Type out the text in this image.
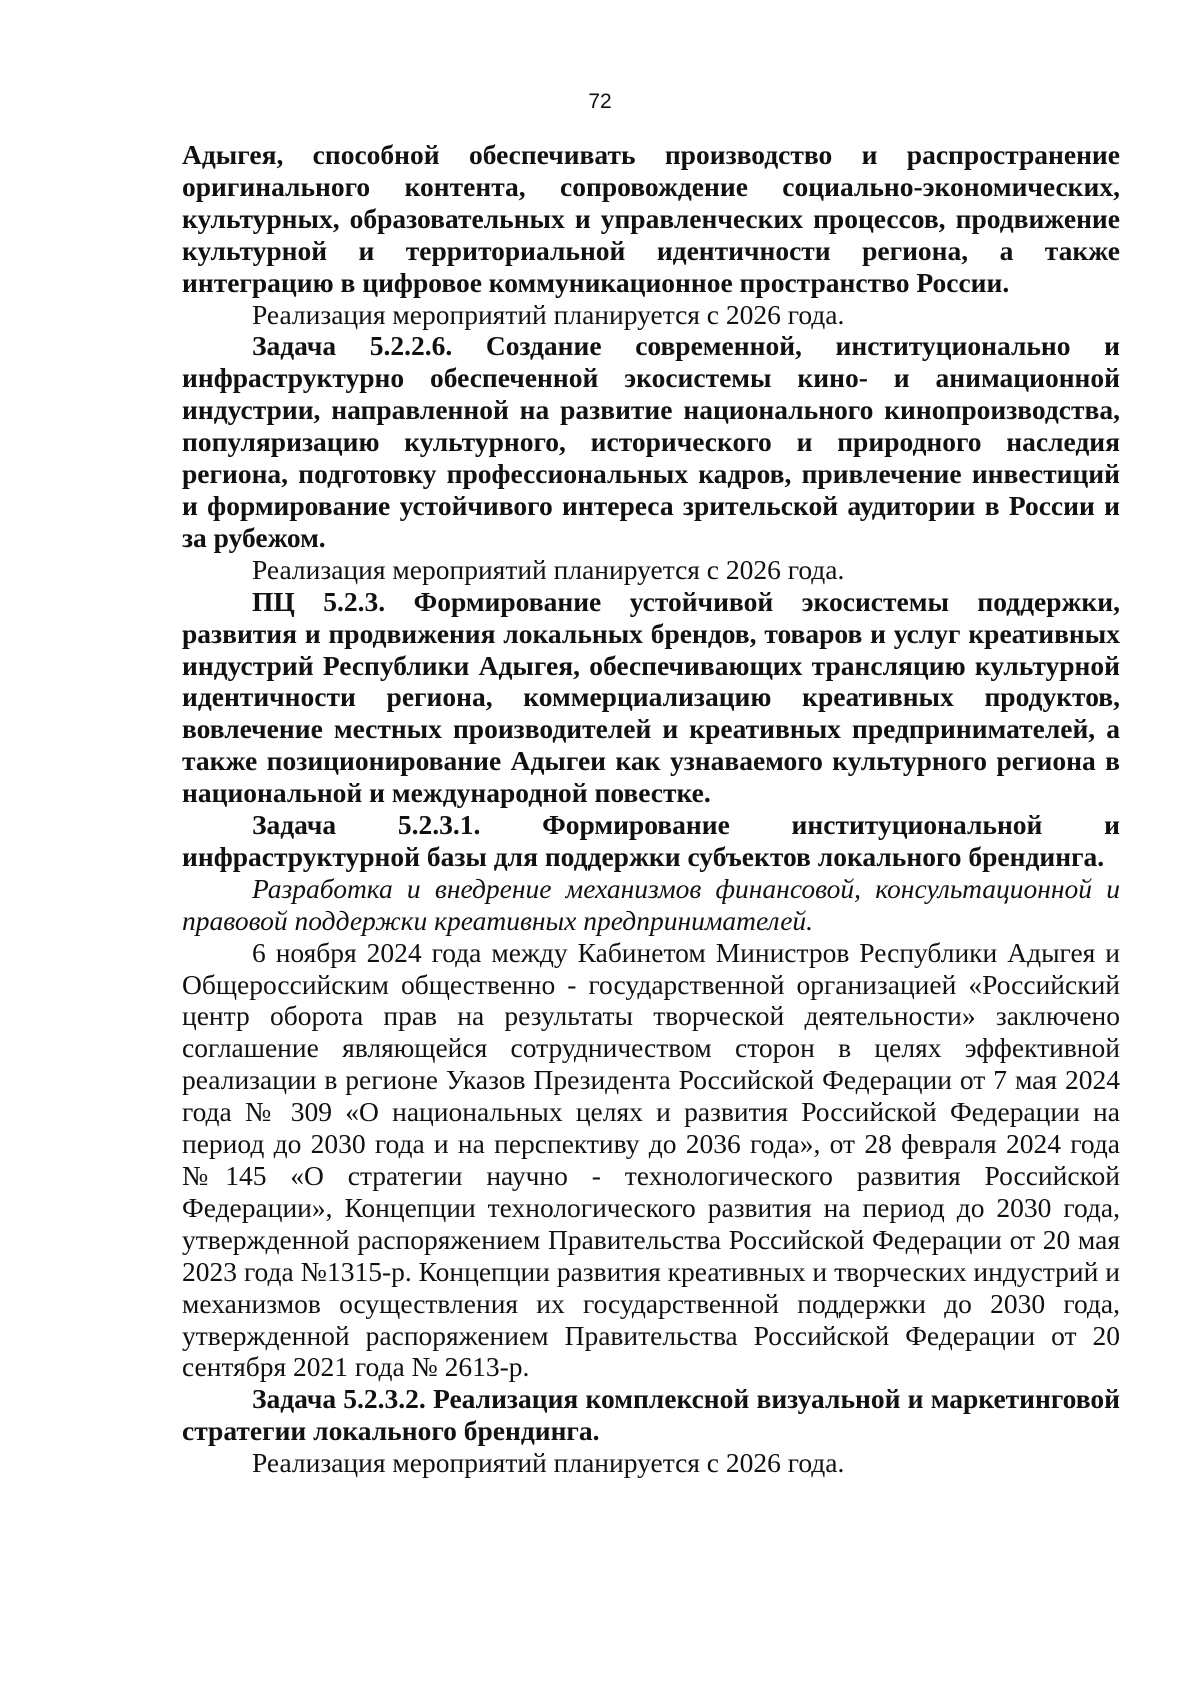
72

Адыгея, способной обеспечивать производство и распространение оригинального контента, сопровождение социально-экономических, культурных, образовательных и управленческих процессов, продвижение культурной и территориальной идентичности региона, а также интеграцию в цифровое коммуникационное пространство России.

Реализация мероприятий планируется с 2026 года.

Задача 5.2.2.6. Создание современной, институционально и инфраструктурно обеспеченной экосистемы кино- и анимационной индустрии, направленной на развитие национального кинопроизводства, популяризацию культурного, исторического и природного наследия региона, подготовку профессиональных кадров, привлечение инвестиций и формирование устойчивого интереса зрительской аудитории в России и за рубежом.

Реализация мероприятий планируется с 2026 года.

ПЦ 5.2.3. Формирование устойчивой экосистемы поддержки, развития и продвижения локальных брендов, товаров и услуг креативных индустрий Республики Адыгея, обеспечивающих трансляцию культурной идентичности региона, коммерциализацию креативных продуктов, вовлечение местных производителей и креативных предпринимателей, а также позиционирование Адыгеи как узнаваемого культурного региона в национальной и международной повестке.

Задача 5.2.3.1. Формирование институциональной и инфраструктурной базы для поддержки субъектов локального брендинга.

Разработка и внедрение механизмов финансовой, консультационной и правовой поддержки креативных предпринимателей.

6 ноября 2024 года между Кабинетом Министров Республики Адыгея и Общероссийским общественно - государственной организацией «Российский центр оборота прав на результаты творческой деятельности» заключено соглашение являющейся сотрудничеством сторон в целях эффективной реализации в регионе Указов Президента Российской Федерации от 7 мая 2024 года № 309 «О национальных целях и развития Российской Федерации на период до 2030 года и на перспективу до 2036 года», от 28 февраля 2024 года №145 «О стратегии научно - технологического развития Российской Федерации», Концепции технологического развития на период до 2030 года, утвержденной распоряжением Правительства Российской Федерации от 20 мая 2023 года №1315-р. Концепции развития креативных и творческих индустрий и механизмов осуществления их государственной поддержки до 2030 года, утвержденной распоряжением Правительства Российской Федерации от 20 сентября 2021 года № 2613-р.

Задача 5.2.3.2. Реализация комплексной визуальной и маркетинговой стратегии локального брендинга.

Реализация мероприятий планируется с 2026 года.
